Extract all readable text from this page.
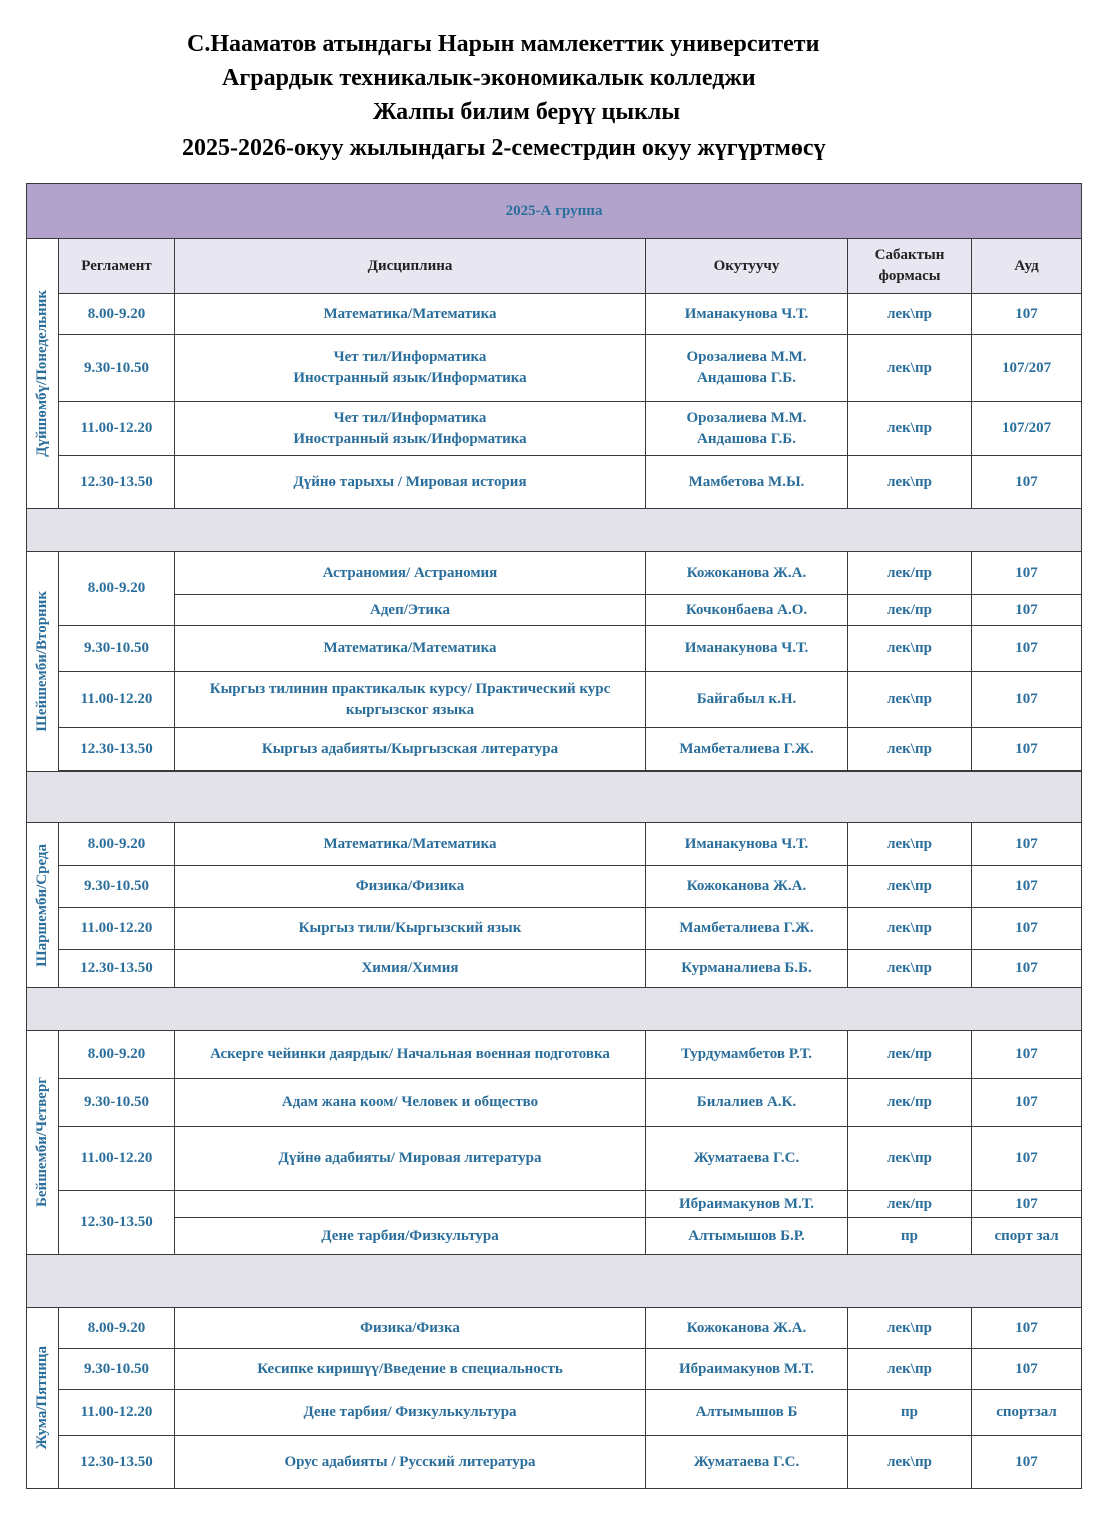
С.Нааматов атындагы Нарын мамлекеттик университети
Агрардык техникалык-экономикалык колледжи
Жалпы билим берүү цыклы
2025-2026-окуу жылындагы 2-семестрдин окуу жүгүртмөсү
2025-А группа					

Дүйшөмбү/Понедельник	Регламент	Дисциплина	Окутуучу	Сабактын формасы	Ауд
	8.00-9.20	Математика/Математика	Иманакунова Ч.Т.	лек\пр	107
	9.30-10.50	Чет тил/Информатика
Иностранный язык/Информатика	Орозалиева М.М.
Андашова Г.Б.	лек\пр	107/207
	11.00-12.20	Чет тил/Информатика
Иностранный язык/Информатика	Орозалиева М.М.
Андашова Г.Б.	лек\пр	107/207
	12.30-13.50	Дүйнө тарыхы / Мировая история	Мамбетова М.Ы.	лек\пр	107

Шейшемби/Вторник	8.00-9.20	Астраномия/ Астраномия	Кожоканова Ж.А.	лек/пр	107
		Адеп/Этика	Кочконбаева А.О.	лек/пр	107
	9.30-10.50	Математика/Математика	Иманакунова Ч.Т.	лек\пр	107
	11.00-12.20	Кыргыз тилинин практикалык курсу/ Практический курс кыргызског языка	Байгабыл к.Н.	лек\пр	107
	12.30-13.50	Кыргыз адабияты/Кыргызская литература	Мамбеталиева Г.Ж.	лек\пр	107

Шаршемби/Среда	8.00-9.20	Математика/Математика	Иманакунова Ч.Т.	лек\пр	107
	9.30-10.50	Физика/Физика	Кожоканова Ж.А.	лек\пр	107
	11.00-12.20	Кыргыз тили/Кыргызский язык	Мамбеталиева Г.Ж.	лек\пр	107
	12.30-13.50	Химия/Химия	Курманалиева Б.Б.	лек\пр	107

Бейшемби/Четверг	8.00-9.20	Аскерге чейинки даярдык/ Начальная военная подготовка	Турдумамбетов Р.Т.	лек/пр	107
	9.30-10.50	Адам жана коом/ Человек и общество	Билалиев А.К.	лек/пр	107
	11.00-12.20	Дүйнө адабияты/ Мировая литература	Жуматаева Г.С.	лек\пр	107
	12.30-13.50		Ибраимакунов М.Т.	лек/пр	107
		Дене тарбия/Физкультура	Алтымышов Б.Р.	пр	спорт зал

Жума/Пятница	8.00-9.20	Физика/Физка	Кожоканова Ж.А.	лек\пр	107
	9.30-10.50	Кесипке киришүү/Введение в специальность	Ибраимакунов М.Т.	лек\пр	107
	11.00-12.20	Дене тарбия/ Физкулькультура	Алтымышов Б	пр	спортзал
	12.30-13.50	Орус адабияты / Русский литература	Жуматаева Г.С.	лек\пр	107
